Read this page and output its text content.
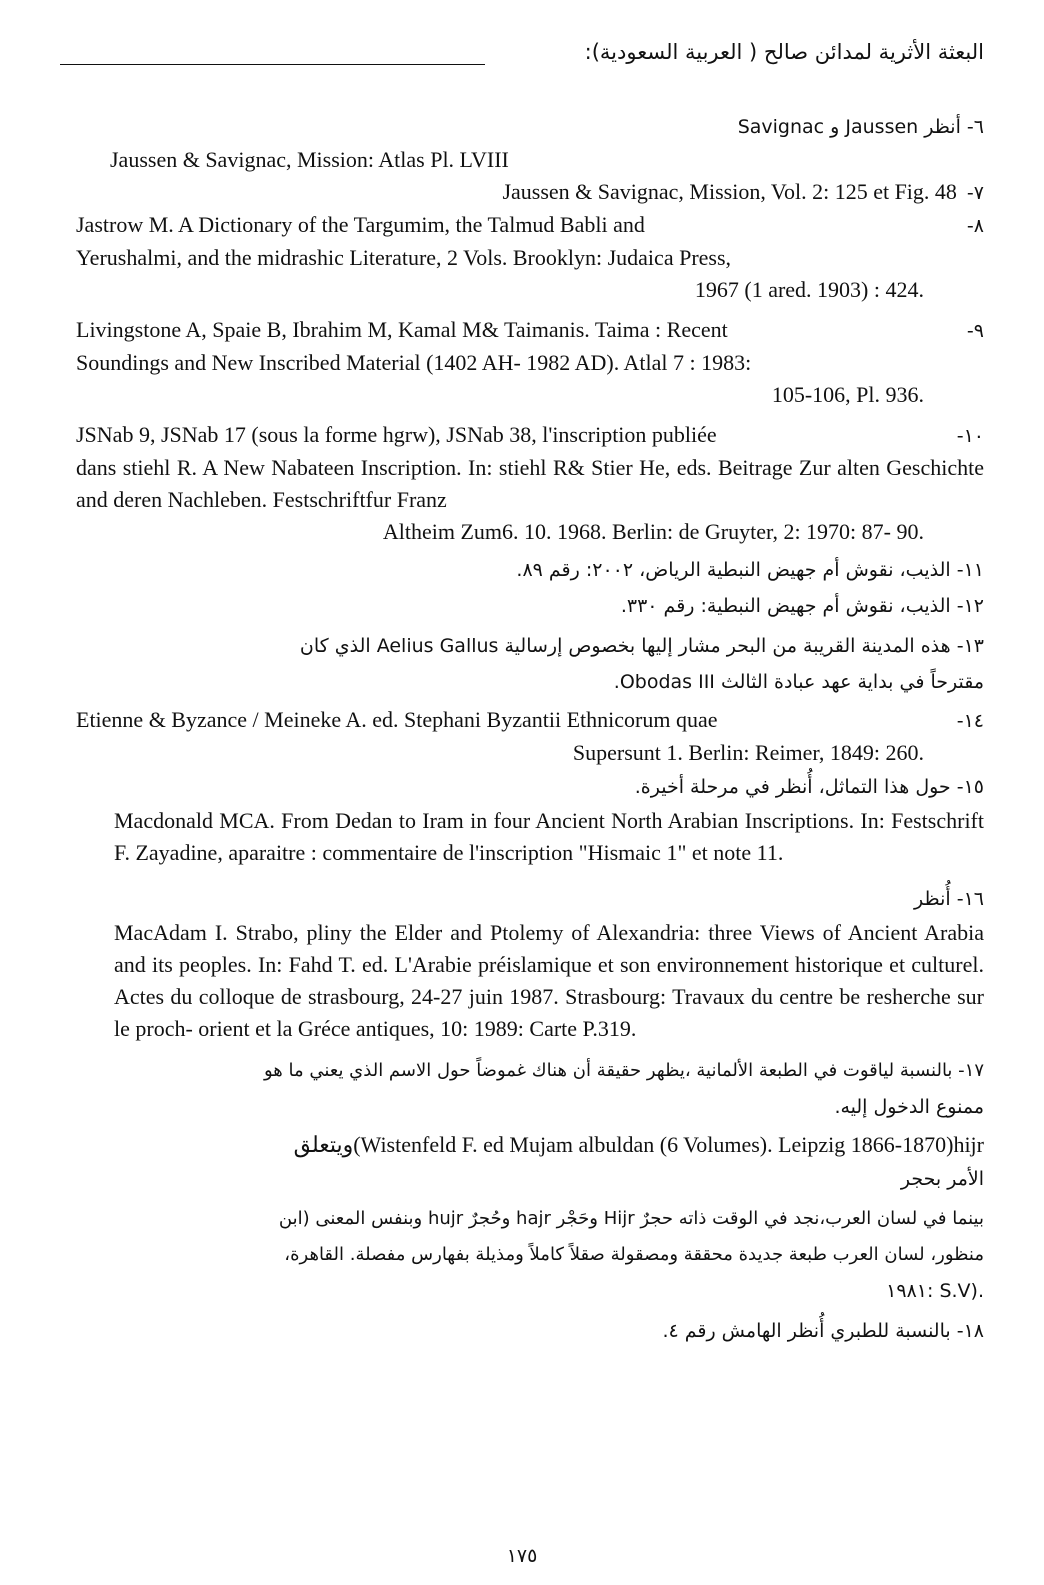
البعثة الأثرية لمدائن صالح ( العربية السعودية):

٦- أنظر Jaussen و Savignac

Jaussen & Savignac, Mission: Atlas Pl. LVIII

Jaussen & Savignac, Mission, Vol. 2: 125 et Fig. 48 -٧
Jastrow M. A Dictionary of the Targumim, the Talmud Babli and	-٨

Yerushalmi, and the midrashic Literature, 2 Vols. Brooklyn: Judaica Press,

1967 (1 ared. 1903) : 424.

Livingstone A, Spaie B, Ibrahim M, Kamal M& Taimanis. Taima : Recent	-٩

Soundings and New Inscribed Material (1402 AH- 1982 AD). Atlal 7 : 1983:

105-106, Pl. 936.

JSNab 9, JSNab 17 (sous la forme hgrw), JSNab 38, l'inscription publiée	-١٠

dans stiehl R. A New Nabateen Inscription. In: stiehl R& Stier He, eds. Beitrage Zur alten Geschichte and deren Nachleben. Festschriftfur Franz

Altheim Zum6. 10. 1968. Berlin: de Gruyter, 2: 1970: 87- 90.

١١- الذيب، نقوش أم جهيض النبطية الرياض، ٢٠٠٢: رقم ٨٩.

١٢- الذيب، نقوش أم جهيض النبطية: رقم ٣٣٠.

١٣- هذه المدينة القريبة من البحر مشار إليها بخصوص إرسالية Aelius Gallus الذي كان

مقترحاً في بداية عهد عبادة الثالث Obodas III.

Etienne & Byzance / Meineke A. ed. Stephani Byzantii Ethnicorum quae	-١٤

Supersunt 1. Berlin: Reimer, 1849: 260.

١٥- حول هذا التماثل، أُنظر في مرحلة أخيرة.

Macdonald MCA. From Dedan to Iram in four Ancient North Arabian Inscriptions. In: Festschrift F. Zayadine, aparaitre : commentaire de l'inscription "Hismaic 1" et note 11.

١٦- أُنظر

MacAdam I. Strabo, pliny the Elder and Ptolemy of Alexandria: three Views of Ancient Arabia and its peoples. In: Fahd T. ed. L'Arabie préislamique et son environnement historique et culturel. Actes du colloque de strasbourg, 24-27 juin 1987. Strasbourg: Travaux du centre be resherche sur le proch- orient et la Gréce antiques, 10: 1989: Carte P.319.

١٧- بالنسبة لياقوت في الطبعة الألمانية ،يظهر حقيقة أن هناك غموضاً حول الاسم الذي يعني ما هو

ممنوع الدخول إليه.

ويتعلق(Wistenfeld F. ed Mujam albuldan (6 Volumes). Leipzig 1866-1870)hijr

الأمر بحجر

بينما في لسان العرب،نجد في الوقت ذاته حجرٌ Hijr وحَجْر hajr وحُجرٌ hujr وبنفس المعنى (ابن

منظور، لسان العرب طبعة جديدة محققة ومصقولة صقلاً كاملاً ومذيلة بفهارس مفصلة. القاهرة،

.(S.V :١٩٨١

١٨- بالنسبة للطبري أُنظر الهامش رقم ٤.

١٧٥
